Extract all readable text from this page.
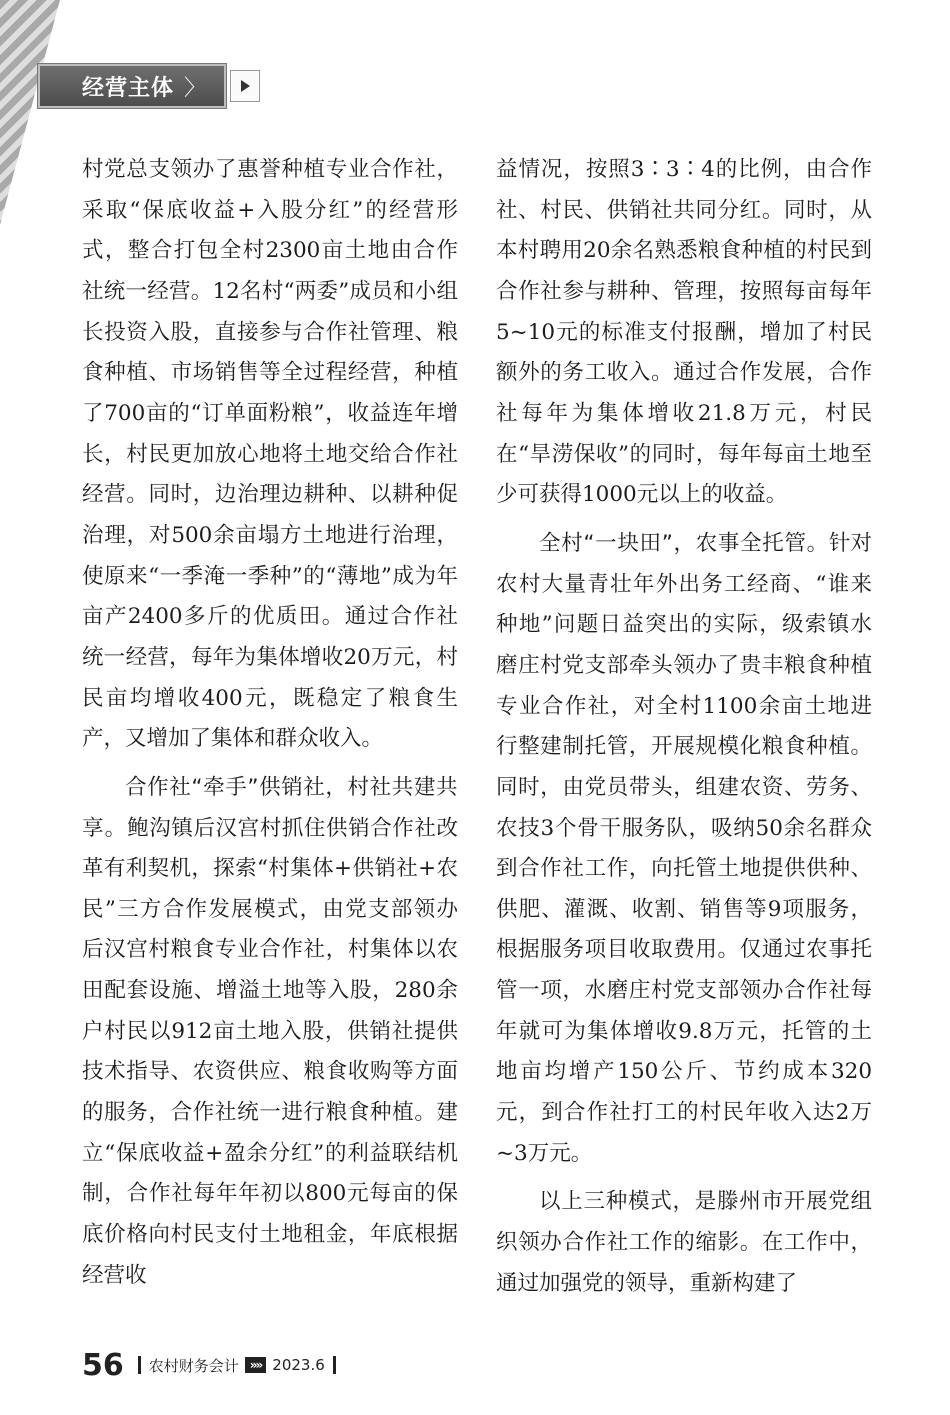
经营主体 〉

村党总支领办了惠誉种植专业合作社，采取“保底收益+入股分红”的经营形式，整合打包全村2300亩土地由合作社统一经营。12名村“两委”成员和小组长投资入股，直接参与合作社管理、粮食种植、市场销售等全过程经营，种植了700亩的“订单面粉粮”，收益连年增长，村民更加放心地将土地交给合作社经营。同时，边治理边耕种、以耕种促治理，对500余亩塌方土地进行治理，使原来“一季淹一季种”的“薄地”成为年亩产2400多斤的优质田。通过合作社统一经营，每年为集体增收20万元，村民亩均增收400元，既稳定了粮食生产，又增加了集体和群众收入。

合作社“牵手”供销社，村社共建共享。鲍沟镇后汉宫村抓住供销合作社改革有利契机，探索“村集体+供销社+农民”三方合作发展模式，由党支部领办后汉宫村粮食专业合作社，村集体以农田配套设施、增溢土地等入股，280余户村民以912亩土地入股，供销社提供技术指导、农资供应、粮食收购等方面的服务，合作社统一进行粮食种植。建立“保底收益+盈余分红”的利益联结机制，合作社每年年初以800元每亩的保底价格向村民支付土地租金，年底根据经营收

益情况，按照3∶3∶4的比例，由合作社、村民、供销社共同分红。同时，从本村聘用20余名熟悉粮食种植的村民到合作社参与耕种、管理，按照每亩每年5~10元的标准支付报酬，增加了村民额外的务工收入。通过合作发展，合作社每年为集体增收21.8万元，村民在“旱涝保收”的同时，每年每亩土地至少可获得1000元以上的收益。

全村“一块田”，农事全托管。针对农村大量青壮年外出务工经商、“谁来种地”问题日益突出的实际，级索镇水磨庄村党支部牵头领办了贵丰粮食种植专业合作社，对全村1100余亩土地进行整建制托管，开展规模化粮食种植。同时，由党员带头，组建农资、劳务、农技3个骨干服务队，吸纳50余名群众到合作社工作，向托管土地提供供种、供肥、灌溉、收割、销售等9项服务，根据服务项目收取费用。仅通过农事托管一项，水磨庄村党支部领办合作社每年就可为集体增收9.8万元，托管的土地亩均增产150公斤、节约成本320元，到合作社打工的村民年收入达2万~3万元。

以上三种模式，是滕州市开展党组织领办合作社工作的缩影。在工作中，通过加强党的领导，重新构建了

56 农村财务会计 »» 2023.6
